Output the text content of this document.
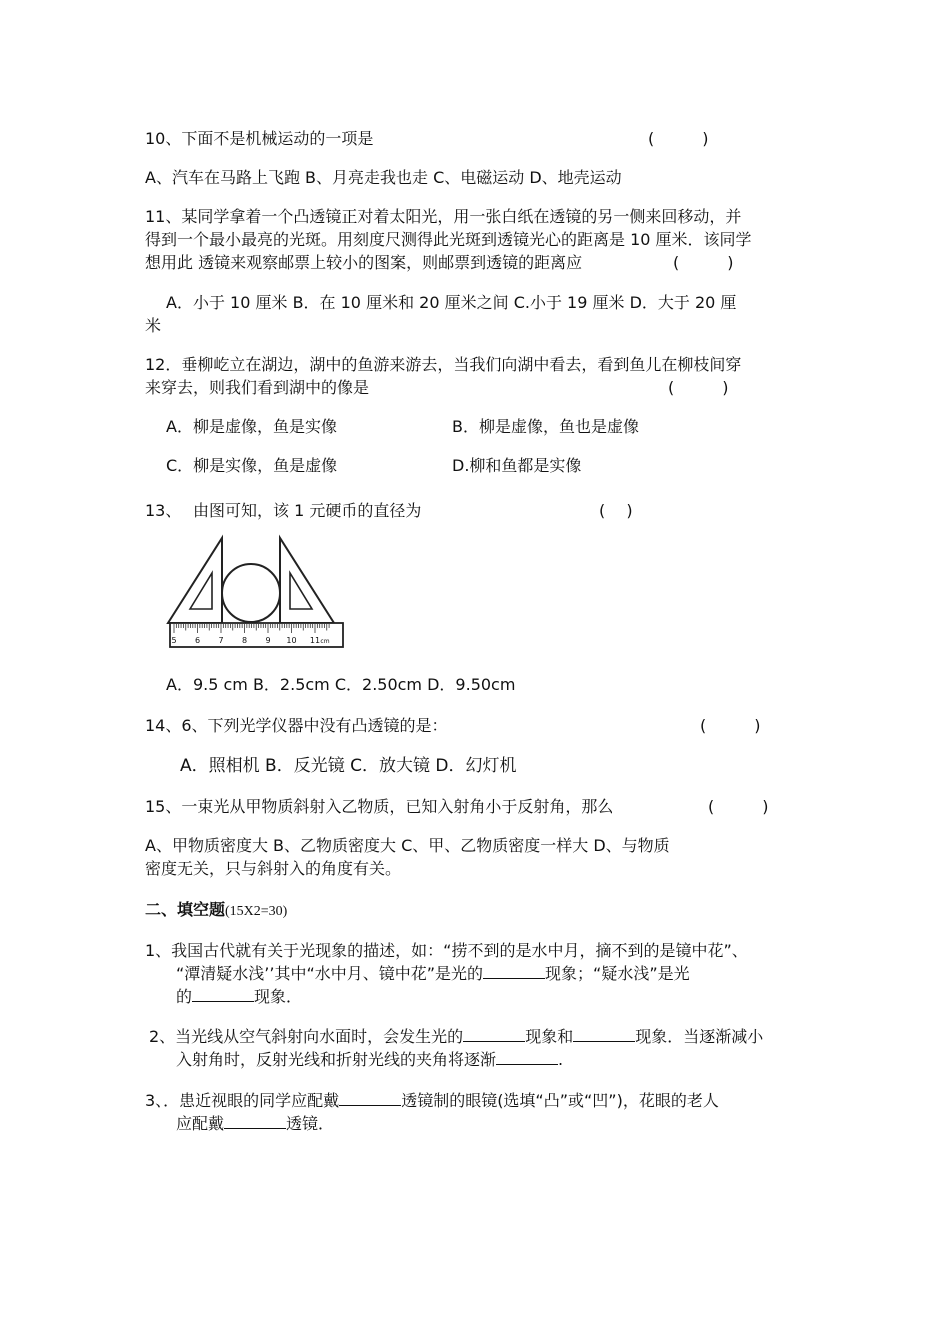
10、下面不是机械运动的一项是	(　　　)
A、汽车在马路上飞跑 B、月亮走我也走 C、电磁运动 D、地壳运动
11、某同学拿着一个凸透镜正对着太阳光，用一张白纸在透镜的另一侧来回移动，并
得到一个最小最亮的光斑。用刻度尺测得此光斑到透镜光心的距离是 10 厘米．该同学
想用此 透镜来观察邮票上较小的图案，则邮票到透镜的距离应	(　　　)
A．小于 10 厘米 B．在 10 厘米和 20 厘米之间 C.小于 19 厘米 D．大于 20 厘
米
12．垂柳屹立在湖边，湖中的鱼游来游去，当我们向湖中看去，看到鱼儿在柳枝间穿
来穿去，则我们看到湖中的像是	(　　　)
A．柳是虚像，鱼是实像	B．柳是虚像，鱼也是虚像
C．柳是实像，鱼是虚像	D.柳和鱼都是实像
13、 由图可知，该 1 元硬币的直径为	(　 )
5 6 7 8 9 10 11 cm
A．9.5 cm B．2.5cm C．2.50cm D．9.50cm
14、6、下列光学仪器中没有凸透镜的是：	(　　　)
A．照相机 B．反光镜 C．放大镜 D．幻灯机
15、一束光从甲物质斜射入乙物质，已知入射角小于反射角，那么	(　　　)
A、甲物质密度大 B、乙物质密度大 C、甲、乙物质密度一样大 D、与物质
密度无关，只与斜射入的角度有关。
二、填空题(15X2=30)
1、我国古代就有关于光现象的描述，如：“捞不到的是水中月，摘不到的是镜中花”、
“潭清疑水浅’’其中“水中月、镜中花”是光的	现象；“疑水浅”是光
的	现象．
2、当光线从空气斜射向水面时，会发生光的	现象和	现象．当逐渐减小
入射角时，反射光线和折射光线的夹角将逐渐	.
3、．患近视眼的同学应配戴	透镜制的眼镜(选填“凸”或“凹”)，花眼的老人
应配戴	透镜．
